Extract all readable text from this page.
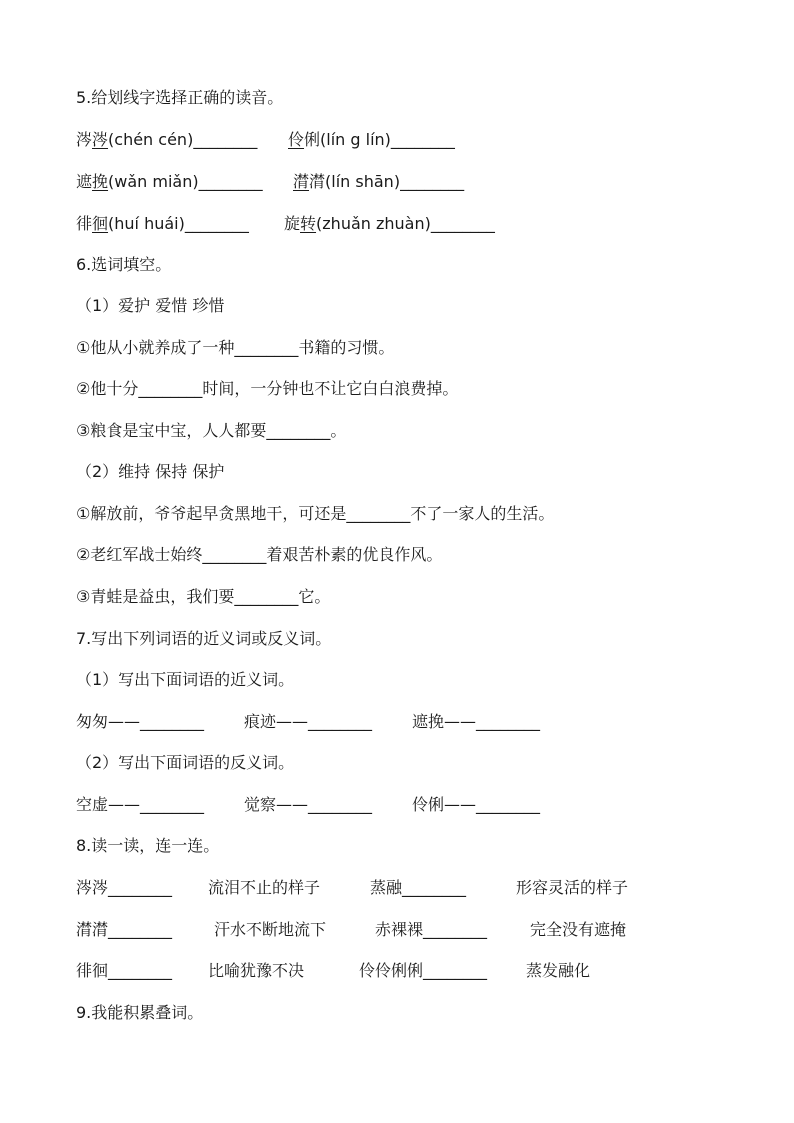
5.给划线字选择正确的读音。
涔涔(chén cén)________ 伶俐(lín g lín)________
遮挽(wǎn miǎn)________ 潸潸(lín shān)________
徘徊(huí huái)________ 旋转(zhuǎn zhuàn)________
6.选词填空。
（1）爱护 爱惜 珍惜
①他从小就养成了一种________书籍的习惯。
②他十分________时间，一分钟也不让它白白浪费掉。
③粮食是宝中宝，人人都要________。
（2）维持 保持 保护
①解放前，爷爷起早贪黑地干，可还是________不了一家人的生活。
②老红军战士始终________着艰苦朴素的优良作风。
③青蛙是益虫，我们要________它。
7.写出下列词语的近义词或反义词。
（1）写出下面词语的近义词。
匆匆——________ 痕迹——________ 遮挽——________
（2）写出下面词语的反义词。
空虚——________ 觉察——________ 伶俐——________
8.读一读，连一连。
涔涔________ 流泪不止的样子	蒸融________	形容灵活的样子
潸潸________	汗水不断地流下	赤裸裸________	完全没有遮掩
徘徊________ 比喻犹豫不决	伶伶俐俐________ 蒸发融化
9.我能积累叠词。
